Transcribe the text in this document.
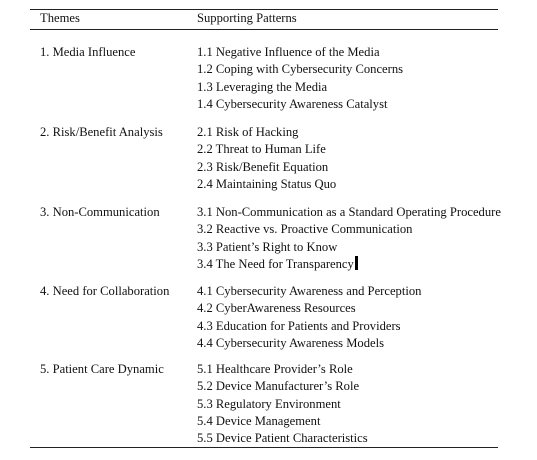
Themes	Supporting Patterns
1. Media Influence	1.1 Negative Influence of the Media
1.2 Coping with Cybersecurity Concerns
1.3 Leveraging the Media
1.4 Cybersecurity Awareness Catalyst
2. Risk/Benefit Analysis	2.1 Risk of Hacking
2.2 Threat to Human Life
2.3 Risk/Benefit Equation
2.4 Maintaining Status Quo
3. Non-Communication	3.1 Non-Communication as a Standard Operating Procedure
3.2 Reactive vs. Proactive Communication
3.3 Patient’s Right to Know
3.4 The Need for Transparency
4. Need for Collaboration 4.1 Cybersecurity Awareness and Perception
4.2 CyberAwareness Resources
4.3 Education for Patients and Providers
4.4 Cybersecurity Awareness Models
5. Patient Care Dynamic	5.1 Healthcare Provider’s Role
5.2 Device Manufacturer’s Role
5.3 Regulatory Environment
5.4 Device Management
5.5 Device Patient Characteristics
